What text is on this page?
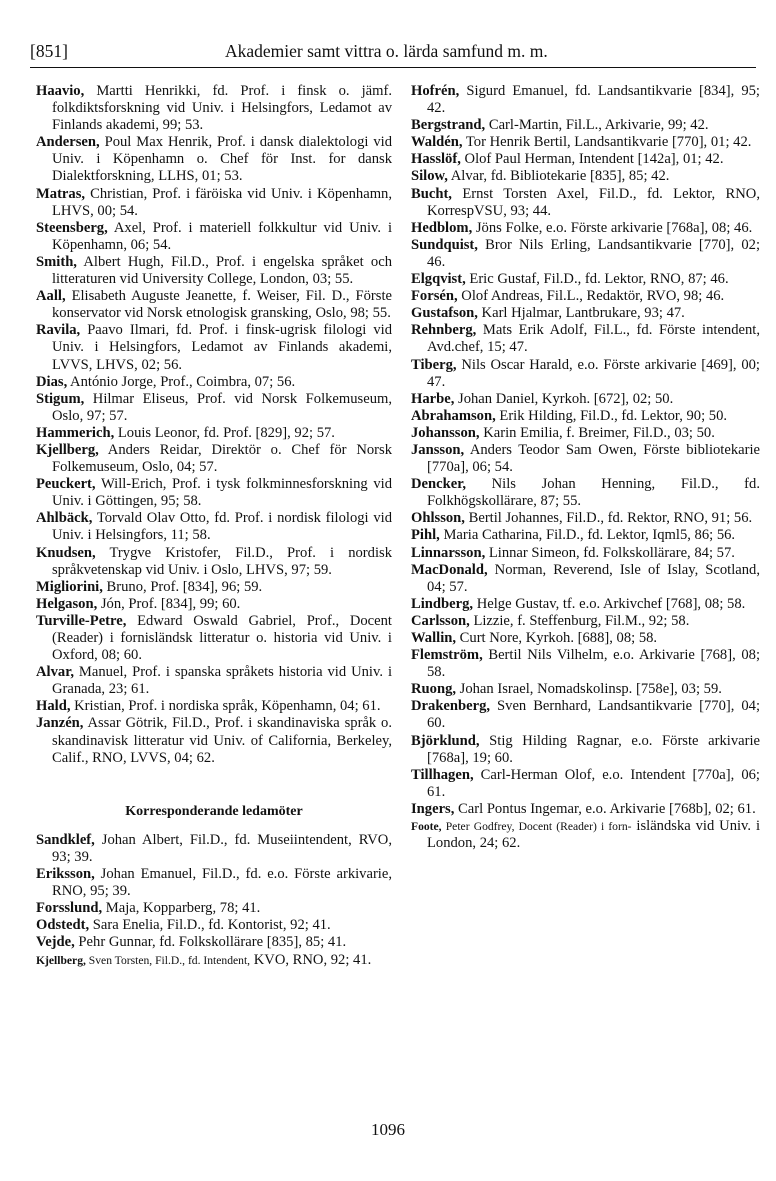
[851]	Akademier samt vittra o. lärda samfund m. m.

Haavio, Martti Henrikki, fd. Prof. i finsk o. jämf. folkdiktsforskning vid Univ. i Helsingfors, Ledamot av Finlands akademi, 99; 53.

Andersen, Poul Max Henrik, Prof. i dansk dialektologi vid Univ. i Köpenhamn o. Chef för Inst. for dansk Dialektforskning, LLHS, 01; 53.

Matras, Christian, Prof. i färöiska vid Univ. i Köpenhamn, LHVS, 00; 54.

Steensberg, Axel, Prof. i materiell folkkultur vid Univ. i Köpenhamn, 06; 54.

Smith, Albert Hugh, Fil.D., Prof. i engelska språket och litteraturen vid University College, London, 03; 55.

Aall, Elisabeth Auguste Jeanette, f. Weiser, Fil. D., Förste konservator vid Norsk etnologisk gransking, Oslo, 98; 55.

Ravila, Paavo Ilmari, fd. Prof. i finsk-ugrisk filologi vid Univ. i Helsingfors, Ledamot av Finlands akademi, LVVS, LHVS, 02; 56.

Dias, António Jorge, Prof., Coimbra, 07; 56.

Stigum, Hilmar Eliseus, Prof. vid Norsk Folkemuseum, Oslo, 97; 57.

Hammerich, Louis Leonor, fd. Prof. [829], 92; 57.

Kjellberg, Anders Reidar, Direktör o. Chef för Norsk Folkemuseum, Oslo, 04; 57.

Peuckert, Will-Erich, Prof. i tysk folkminnesforskning vid Univ. i Göttingen, 95; 58.

Ahlbäck, Torvald Olav Otto, fd. Prof. i nordisk filologi vid Univ. i Helsingfors, 11; 58.

Knudsen, Trygve Kristofer, Fil.D., Prof. i nordisk språkvetenskap vid Univ. i Oslo, LHVS, 97; 59.

Migliorini, Bruno, Prof. [834], 96; 59.

Helgason, Jón, Prof. [834], 99; 60.

Turville-Petre, Edward Oswald Gabriel, Prof., Docent (Reader) i fornisländsk litteratur o. historia vid Univ. i Oxford, 08; 60.

Alvar, Manuel, Prof. i spanska språkets historia vid Univ. i Granada, 23; 61.

Hald, Kristian, Prof. i nordiska språk, Köpenhamn, 04; 61.

Janzén, Assar Götrik, Fil.D., Prof. i skandinaviska språk o. skandinavisk litteratur vid Univ. of California, Berkeley, Calif., RNO, LVVS, 04; 62.

Korresponderande ledamöter

Sandklef, Johan Albert, Fil.D., fd. Museiintendent, RVO, 93; 39.

Eriksson, Johan Emanuel, Fil.D., fd. e.o. Förste arkivarie, RNO, 95; 39.

Forsslund, Maja, Kopparberg, 78; 41.

Odstedt, Sara Enelia, Fil.D., fd. Kontorist, 92; 41.

Vejde, Pehr Gunnar, fd. Folkskollärare [835], 85; 41.

Kjellberg, Sven Torsten, Fil.D., fd. Intendent, KVO, RNO, 92; 41.

Hofrén, Sigurd Emanuel, fd. Landsantikvarie [834], 95; 42.

Bergstrand, Carl-Martin, Fil.L., Arkivarie, 99; 42.

Waldén, Tor Henrik Bertil, Landsantikvarie [770], 01; 42.

Hasslöf, Olof Paul Herman, Intendent [142a], 01; 42.

Silow, Alvar, fd. Bibliotekarie [835], 85; 42.

Bucht, Ernst Torsten Axel, Fil.D., fd. Lektor, RNO, KorrespVSU, 93; 44.

Hedblom, Jöns Folke, e.o. Förste arkivarie [768a], 08; 46.

Sundquist, Bror Nils Erling, Landsantikvarie [770], 02; 46.

Elgqvist, Eric Gustaf, Fil.D., fd. Lektor, RNO, 87; 46.

Forsén, Olof Andreas, Fil.L., Redaktör, RVO, 98; 46.

Gustafson, Karl Hjalmar, Lantbrukare, 93; 47.

Rehnberg, Mats Erik Adolf, Fil.L., fd. Förste intendent, Avd.chef, 15; 47.

Tiberg, Nils Oscar Harald, e.o. Förste arkivarie [469], 00; 47.

Harbe, Johan Daniel, Kyrkoh. [672], 02; 50.

Abrahamson, Erik Hilding, Fil.D., fd. Lektor, 90; 50.

Johansson, Karin Emilia, f. Breimer, Fil.D., 03; 50.

Jansson, Anders Teodor Sam Owen, Förste bibliotekarie [770a], 06; 54.

Dencker, Nils Johan Henning, Fil.D., fd. Folkhögskollärare, 87; 55.

Ohlsson, Bertil Johannes, Fil.D., fd. Rektor, RNO, 91; 56.

Pihl, Maria Catharina, Fil.D., fd. Lektor, Iqml5, 86; 56.

Linnarsson, Linnar Simeon, fd. Folkskollärare, 84; 57.

MacDonald, Norman, Reverend, Isle of Islay, Scotland, 04; 57.

Lindberg, Helge Gustav, tf. e.o. Arkivchef [768], 08; 58.

Carlsson, Lizzie, f. Steffenburg, Fil.M., 92; 58.

Wallin, Curt Nore, Kyrkoh. [688], 08; 58.

Flemström, Bertil Nils Vilhelm, e.o. Arkivarie [768], 08; 58.

Ruong, Johan Israel, Nomadskolinsp. [758e], 03; 59.

Drakenberg, Sven Bernhard, Landsantikvarie [770], 04; 60.

Björklund, Stig Hilding Ragnar, e.o. Förste arkivarie [768a], 19; 60.

Tillhagen, Carl-Herman Olof, e.o. Intendent [770a], 06; 61.

Ingers, Carl Pontus Ingemar, e.o. Arkivarie [768b], 02; 61.

Foote, Peter Godfrey, Docent (Reader) i forn- isländska vid Univ. i London, 24; 62.

1096
